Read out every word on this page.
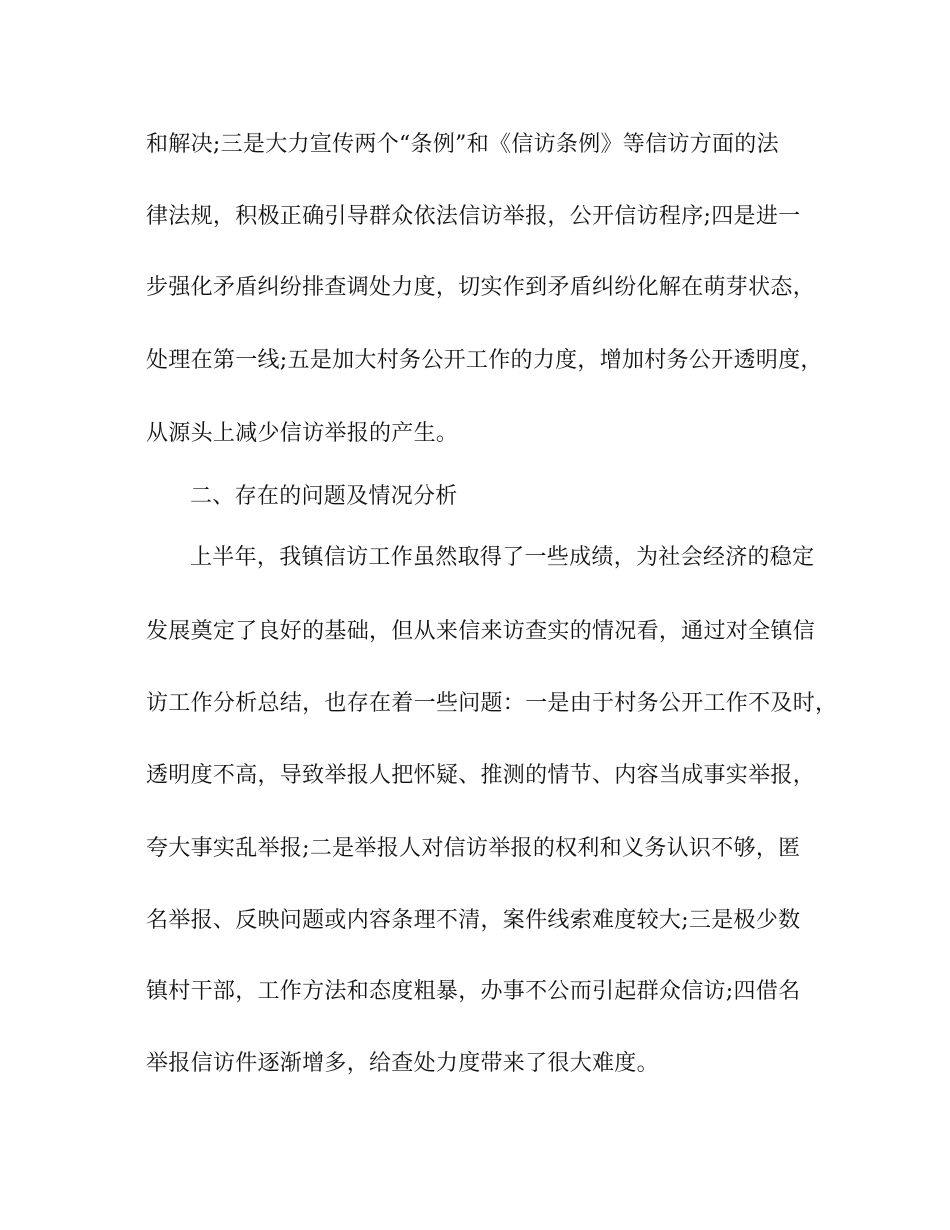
和解决;三是大力宣传两个“条例”和《信访条例》等信访方面的法
律法规，积极正确引导群众依法信访举报，公开信访程序;四是进一
步强化矛盾纠纷排查调处力度，切实作到矛盾纠纷化解在萌芽状态，
处理在第一线;五是加大村务公开工作的力度，增加村务公开透明度，
从源头上减少信访举报的产生。
二、存在的问题及情况分析
上半年，我镇信访工作虽然取得了一些成绩，为社会经济的稳定
发展奠定了良好的基础，但从来信来访查实的情况看，通过对全镇信
访工作分析总结，也存在着一些问题：一是由于村务公开工作不及时，
透明度不高，导致举报人把怀疑、推测的情节、内容当成事实举报，
夸大事实乱举报;二是举报人对信访举报的权利和义务认识不够，匿
名举报、反映问题或内容条理不清，案件线索难度较大;三是极少数
镇村干部，工作方法和态度粗暴，办事不公而引起群众信访;四借名
举报信访件逐渐增多，给查处力度带来了很大难度。
